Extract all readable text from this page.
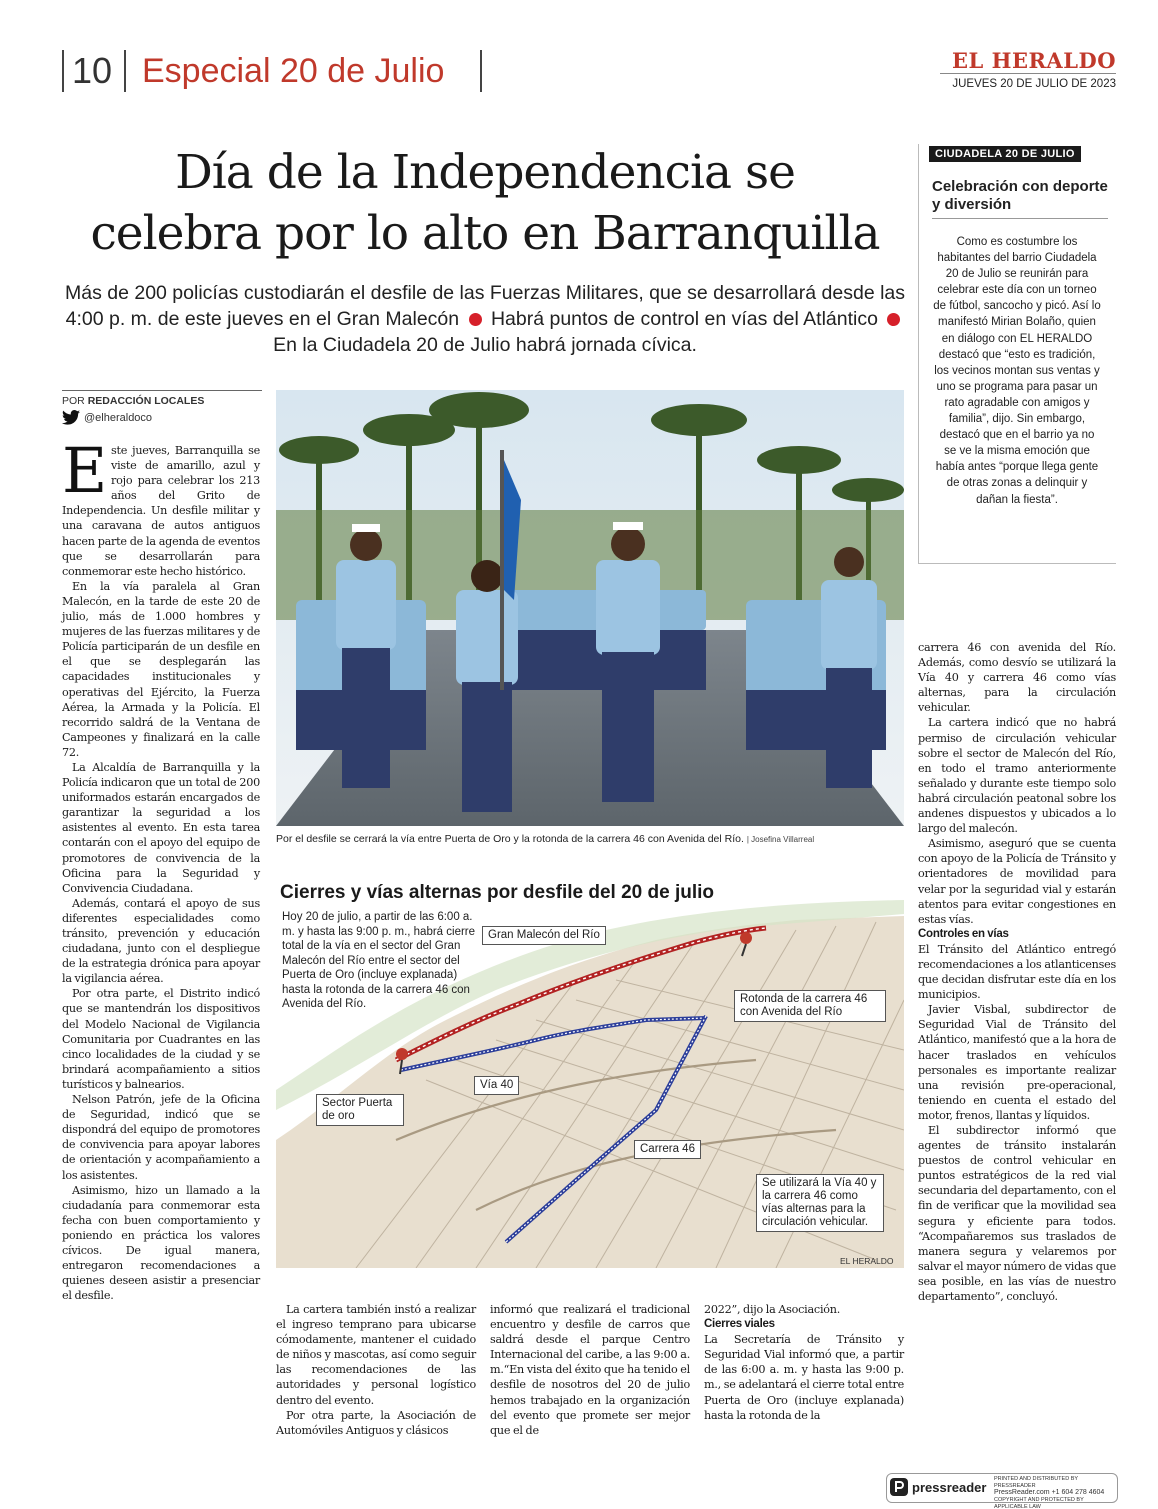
10 Especial 20 de Julio	EL HERALDO
JUEVES 20 DE JULIO DE 2023
Día de la Independencia se
celebra por lo alto en Barranquilla
Más de 200 policías custodiarán el desfile de las Fuerzas Militares, que se desarrollará desde las 4:00 p. m. de este jueves en el Gran Malecón Habrá puntos de control en vías del Atlántico  En la Ciudadela 20 de Julio habrá jornada cívica.
CIUDADELA 20 DE JULIO
Celebración con deporte y diversión
Como es costumbre los habitantes del barrio Ciudadela 20 de Julio se reunirán para celebrar este día con un torneo de fútbol, sancocho y picó. Así lo manifestó Mirian Bolaño, quien en diálogo con EL HERALDO destacó que “esto es tradición, los vecinos montan sus ventas y uno se programa para pasar un rato agradable con amigos y familia”, dijo. Sin embargo, destacó que en el barrio ya no se ve la misma emoción que había antes “porque llega gente de otras zonas a delinquir y dañan la fiesta”.
POR REDACCIÓN LOCALES
@elheraldoco

Este jueves, Barranquilla se viste de amarillo, azul y rojo para celebrar los 213 años del Grito de Independencia. Un desfile militar y una caravana de autos antiguos hacen parte de la agenda de eventos que se desarrollarán para conmemorar este hecho histórico.

En la vía paralela al Gran Malecón, en la tarde de este 20 de julio, más de 1.000 hombres y mujeres de las fuerzas militares y de Policía participarán de un desfile en el que se desplegarán las capacidades institucionales y operativas del Ejército, la Fuerza Aérea, la Armada y la Policía. El recorrido saldrá de la Ventana de Campeones y finalizará en la calle 72.

La Alcaldía de Barranquilla y la Policía indicaron que un total de 200 uniformados estarán encargados de garantizar la seguridad a los asistentes al evento. En esta tarea contarán con el apoyo del equipo de promotores de convivencia de la Oficina para la Seguridad y Convivencia Ciudadana.

Además, contará el apoyo de sus diferentes especialidades como tránsito, prevención y educación ciudadana, junto con el despliegue de la estrategia drónica para apoyar la vigilancia aérea.

Por otra parte, el Distrito indicó que se mantendrán los dispositivos del Modelo Nacional de Vigilancia Comunitaria por Cuadrantes en las cinco localidades de la ciudad y se brindará acompañamiento a sitios turísticos y balnearios.

Nelson Patrón, jefe de la Oficina de Seguridad, indicó que se dispondrá del equipo de promotores de convivencia para apoyar labores de orientación y acompañamiento a los asistentes.

Asimismo, hizo un llamado a la ciudadanía para conmemorar esta fecha con buen comportamiento y poniendo en práctica los valores cívicos. De igual manera, entregaron recomendaciones a quienes deseen asistir a presenciar el desfile.

Por el desfile se cerrará la vía entre Puerta de Oro y la rotonda de la carrera 46 con Avenida del Río. | Josefina Villarreal
Cierres y vías alternas por desfile del 20 de julio
Hoy 20 de julio, a partir de las 6:00 a. m. y hasta las 9:00 p. m., habrá cierre total de la vía en el sector del Gran Malecón del Río entre el sector del Puerta de Oro (incluye explanada) hasta la rotonda de la carrera 46 con Avenida del Río.
Gran Malecón del Río
Rotonda de la carrera 46 con Avenida del Río
Sector Puerta de oro
Vía 40
Carrera 46
Se utilizará la Vía 40 y la carrera 46 como vías alternas para la circulación vehicular.
EL HERALDO

La cartera también instó a realizar el ingreso temprano para ubicarse cómodamente, mantener el cuidado de niños y mascotas, así como seguir las recomendaciones de las autoridades y personal logístico dentro del evento.

Por otra parte, la Asociación de Automóviles Antiguos y clásicos

informó que realizará el tradicional encuentro y desfile de carros que saldrá desde el parque Centro Internacional del caribe, a las 9:00 a. m.“En vista del éxito que ha tenido el desfile de nosotros del 20 de julio hemos trabajado en la organización del evento que promete ser mejor que el de

2022”, dijo la Asociación.

Cierres viales

La Secretaría de Tránsito y Seguridad Vial informó que, a partir de las 6:00 a. m. y hasta las 9:00 p. m., se adelantará el cierre total entre Puerta de Oro (incluye explanada) hasta la rotonda de la

carrera 46 con avenida del Río. Además, como desvío se utilizará la Vía 40 y carrera 46 como vías alternas, para la circulación vehicular.

La cartera indicó que no habrá permiso de circulación vehicular sobre el sector de Malecón del Río, en todo el tramo anteriormente señalado y durante este tiempo solo habrá circulación peatonal sobre los andenes dispuestos y ubicados a lo largo del malecón.

Asimismo, aseguró que se cuenta con apoyo de la Policía de Tránsito y orientadores de movilidad para velar por la seguridad vial y estarán atentos para evitar congestiones en estas vías.

Controles en vías

El Tránsito del Atlántico entregó recomendaciones a los atlanticenses que decidan disfrutar este día en los municipios.

Javier Visbal, subdirector de Seguridad Vial de Tránsito del Atlántico, manifestó que a la hora de hacer traslados en vehículos personales es importante realizar una revisión pre-operacional, teniendo en cuenta el estado del motor, frenos, llantas y líquidos.

El subdirector informó que agentes de tránsito instalarán puestos de control vehicular en puntos estratégicos de la red vial secundaria del departamento, con el fin de verificar que la movilidad sea segura y eficiente para todos. “Acompañaremos sus traslados de manera segura y velaremos por salvar el mayor número de vidas que sea posible, en las vías de nuestro departamento”, concluyó.

pressreader
PRINTED AND DISTRIBUTED BY PRESSREADER
PressReader.com +1 604 278 4604
COPYRIGHT AND PROTECTED BY APPLICABLE LAW
